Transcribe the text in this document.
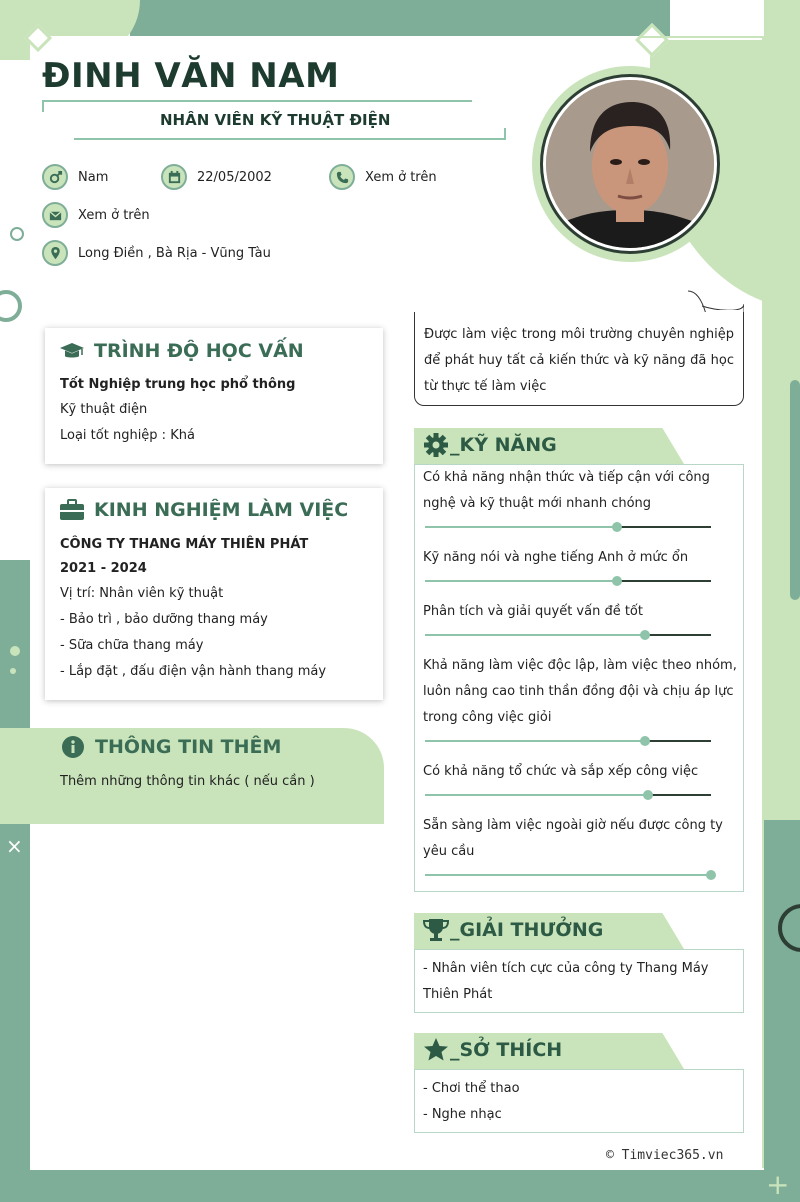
×
+
ĐINH VĂN NAM
NHÂN VIÊN KỸ THUẬT ĐIỆN
Nam	22/05/2002	Xem ở trên
Xem ở trên
Long Điền , Bà Rịa - Vũng Tàu
TRÌNH ĐỘ HỌC VẤN
Tốt Nghiệp trung học phổ thông
Kỹ thuật điện
Loại tốt nghiệp : Khá
KINH NGHIỆM LÀM VIỆC
CÔNG TY THANG MÁY THIÊN PHÁT
2021 - 2024
Vị trí: Nhân viên kỹ thuật
- Bảo trì , bảo dưỡng thang máy
- Sữa chữa thang máy
- Lắp đặt , đấu điện vận hành thang máy
THÔNG TIN THÊM
Thêm những thông tin khác ( nếu cần )
Được làm việc trong môi trường chuyên nghiệp để phát huy tất cả kiến thức và kỹ năng đã học từ thực tế làm việc
_KỸ NĂNG
Có khả năng nhận thức và tiếp cận với công nghệ và kỹ thuật mới nhanh chóng
Kỹ năng nói và nghe tiếng Anh ở mức ổn
Phân tích và giải quyết vấn đề tốt
Khả năng làm việc độc lập, làm việc theo nhóm, luôn nâng cao tinh thần đồng đội và chịu áp lực trong công việc giỏi
Có khả năng tổ chức và sắp xếp công việc
Sẵn sàng làm việc ngoài giờ nếu được công ty yêu cầu
_GIẢI THƯỞNG
- Nhân viên tích cực của công ty Thang Máy Thiên Phát
_SỞ THÍCH
- Chơi thể thao
- Nghe nhạc
© Timviec365.vn
